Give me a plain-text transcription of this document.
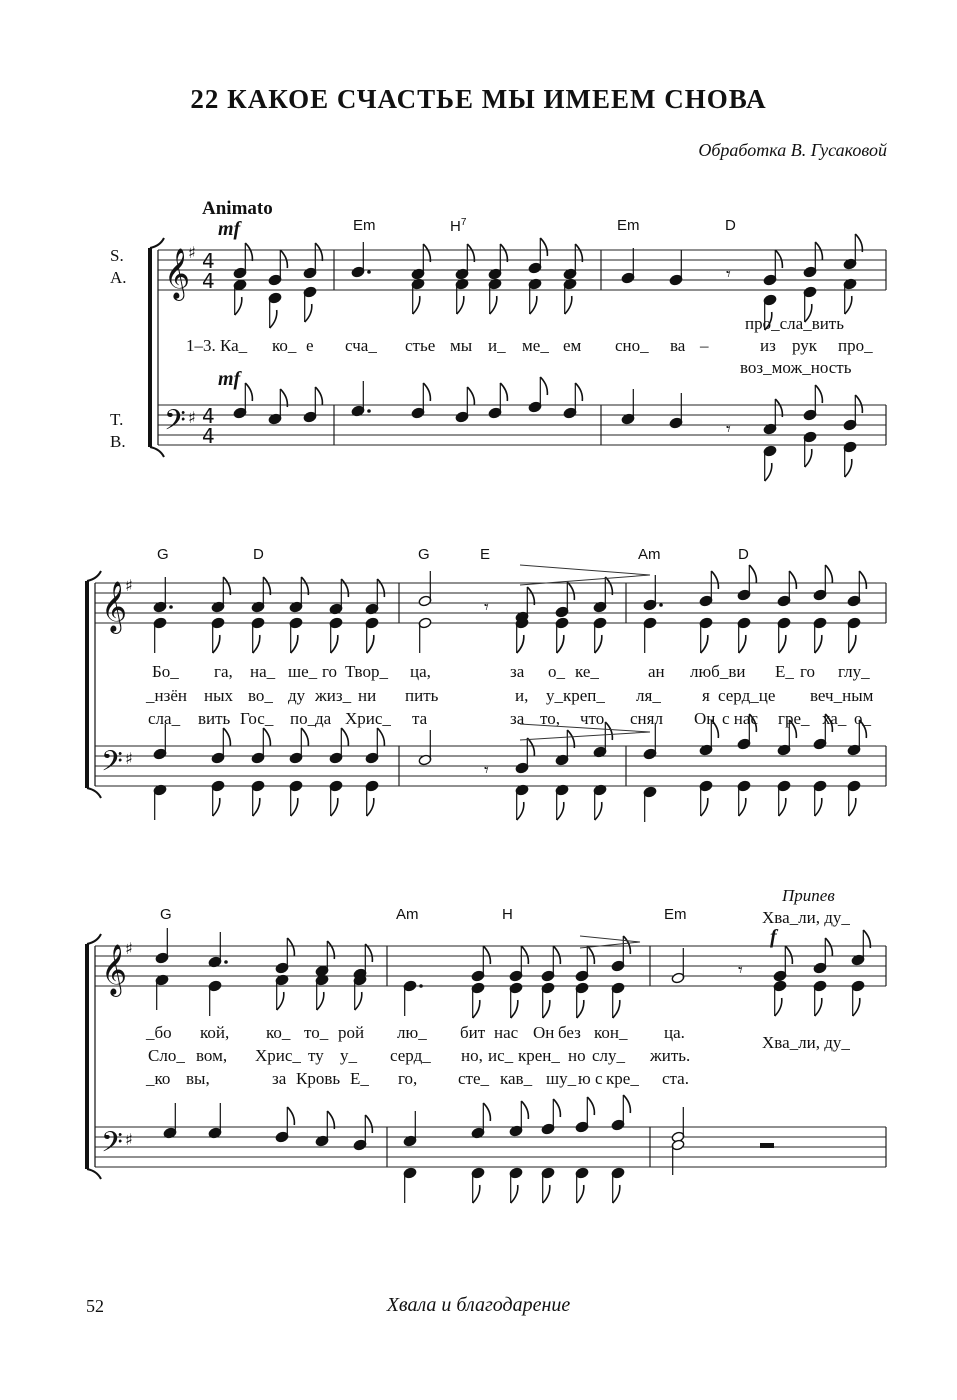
22 КАКОЕ СЧАСТЬЕ МЫ ИМЕЕМ СНОВА
Обработка В. Гусаковой
Animato
mf
mf
S.
A.
T.
B.
Em	$H^7$	Em	D
про_сла_вить
1–3. Ка_ ко_ е сча_ стье мы и_ ме_ ем сно_ ва –	из рук про_
воз_мож_ность
G	D	G	E	Am	D
Бо_ га, на_ ше_ го Твор_ ца,	за о_ ке_	ан люб_ви Е_ го глу_
_нзён ных во_ ду жиз_ ни пить	и, у_креп_ ля_ я серд_це веч_ным
сла_ вить Гос_ по_
да Хрис_ та	за то, что снял Он с нас гре_ ха_ о_
G	Am	H	Em
Припев
Хва_ли, ду_
f
_бо кой, ко_ то_ рой лю_ бит нас Он без кон_ ца.
Сло_ вом, Хрис_ ту у_ серд_ но, ис_ крен_ но слу_ жить.
Хва_ли, ду_
_ко вы,	за Кровь Е_ го, сте_ кав_ шу_ ю с кре_ ста.
52	Хвала и благодарение
𝄞
𝄢
♯
♯
4
4
4
4
𝄞
𝄢
♯
♯
𝄞
𝄢
♯
♯
𝄾
𝄾
𝄾
𝄾
𝄾
